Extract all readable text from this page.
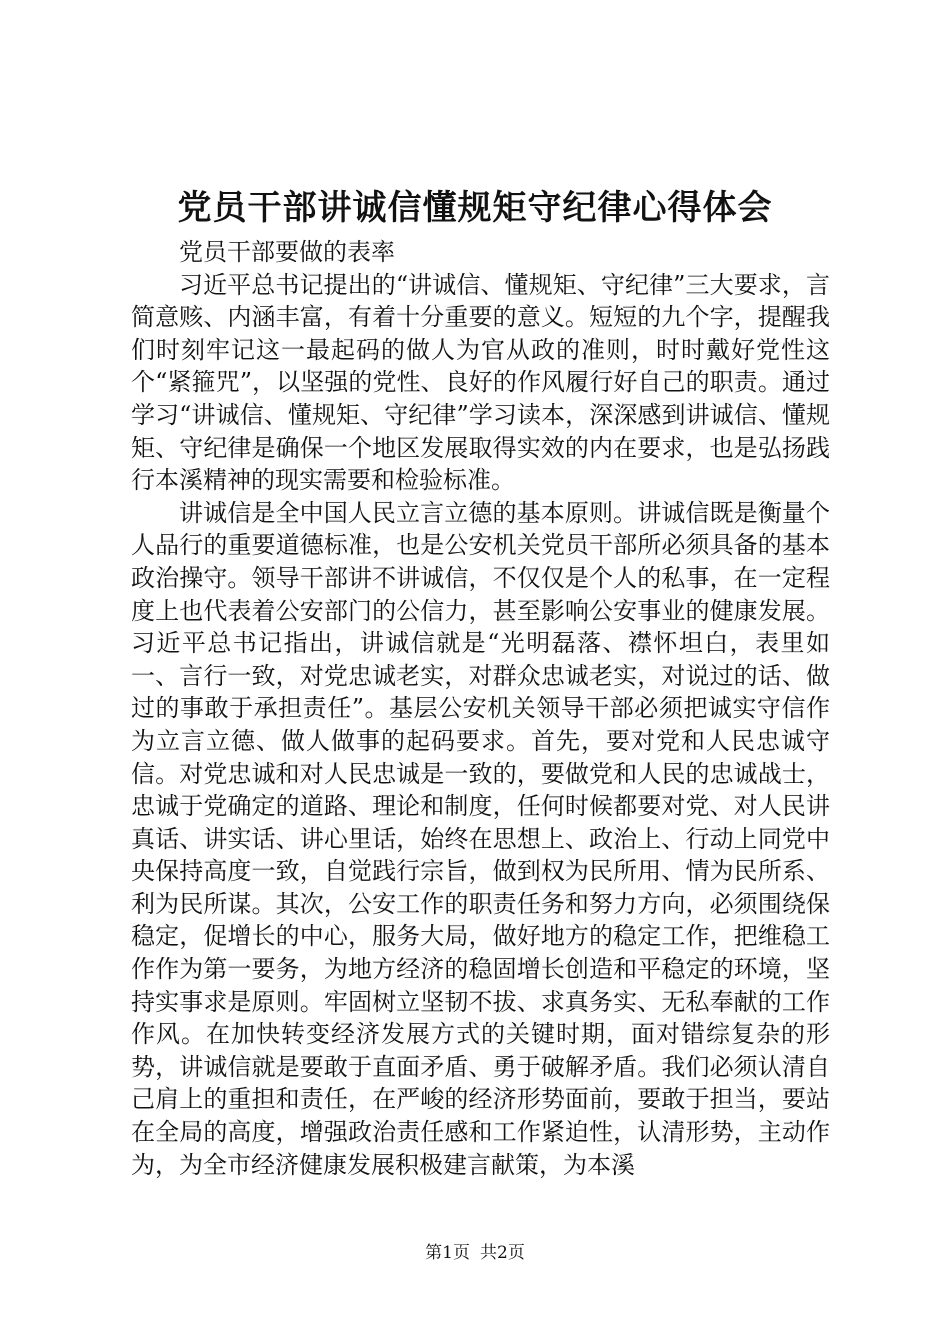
党员干部讲诚信懂规矩守纪律心得体会

党员干部要做的表率

习近平总书记提出的“讲诚信、懂规矩、守纪律”三大要求，言简意赅、内涵丰富，有着十分重要的意义。短短的九个字，提醒我们时刻牢记这一最起码的做人为官从政的准则，时时戴好党性这个“紧箍咒”，以坚强的党性、良好的作风履行好自己的职责。通过学习“讲诚信、懂规矩、守纪律”学习读本，深深感到讲诚信、懂规矩、守纪律是确保一个地区发展取得实效的内在要求，也是弘扬践行本溪精神的现实需要和检验标准。

讲诚信是全中国人民立言立德的基本原则。讲诚信既是衡量个人品行的重要道德标准，也是公安机关党员干部所必须具备的基本政治操守。领导干部讲不讲诚信，不仅仅是个人的私事，在一定程度上也代表着公安部门的公信力，甚至影响公安事业的健康发展。习近平总书记指出，讲诚信就是“光明磊落、襟怀坦白，表里如一、言行一致，对党忠诚老实，对群众忠诚老实，对说过的话、做过的事敢于承担责任”。基层公安机关领导干部必须把诚实守信作为立言立德、做人做事的起码要求。首先，要对党和人民忠诚守信。对党忠诚和对人民忠诚是一致的，要做党和人民的忠诚战士，忠诚于党确定的道路、理论和制度，任何时候都要对党、对人民讲真话、讲实话、讲心里话，始终在思想上、政治上、行动上同党中央保持高度一致，自觉践行宗旨，做到权为民所用、情为民所系、利为民所谋。其次，公安工作的职责任务和努力方向，必须围绕保稳定，促增长的中心，服务大局，做好地方的稳定工作，把维稳工作作为第一要务，为地方经济的稳固增长创造和平稳定的环境，坚持实事求是原则。牢固树立坚韧不拔、求真务实、无私奉献的工作作风。在加快转变经济发展方式的关键时期，面对错综复杂的形势，讲诚信就是要敢于直面矛盾、勇于破解矛盾。我们必须认清自己肩上的重担和责任，在严峻的经济形势面前，要敢于担当，要站在全局的高度，增强政治责任感和工作紧迫性，认清形势，主动作为，为全市经济健康发展积极建言献策，为本溪

第1页 共2页
